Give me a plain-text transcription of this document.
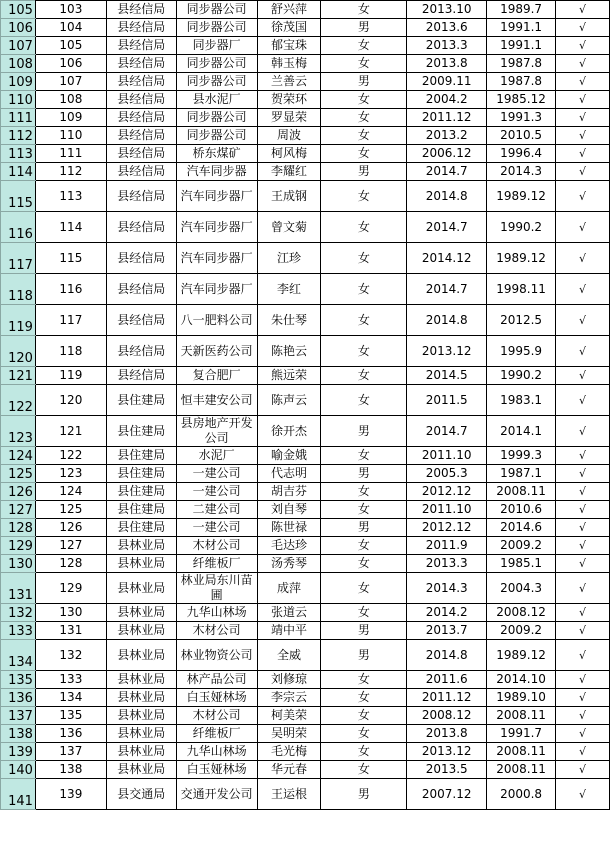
105	103	县经信局	同步器公司	舒兴萍	女	2013.10	1989.7	√
106	104	县经信局	同步器公司	徐茂国	男	2013.6	1991.1	√
107	105	县经信局	同步器厂	郁宝珠	女	2013.3	1991.1	√
108	106	县经信局	同步器公司	韩玉梅	女	2013.8	1987.8	√
109	107	县经信局	同步器公司	兰善云	男	2009.11	1987.8	√
110	108	县经信局	县水泥厂	贺荣环	女	2004.2	1985.12	√
111	109	县经信局	同步器公司	罗显荣	女	2011.12	1991.3	√
112	110	县经信局	同步器公司	周波	女	2013.2	2010.5	√
113	111	县经信局	桥东煤矿	柯风梅	女	2006.12	1996.4	√
114	112	县经信局	汽车同步器	李耀红	男	2014.7	2014.3	√
115	113	县经信局	汽车同步器厂	王成钢	女	2014.8	1989.12	√
116	114	县经信局	汽车同步器厂	曾文菊	女	2014.7	1990.2	√
117	115	县经信局	汽车同步器厂	江珍	女	2014.12	1989.12	√
118	116	县经信局	汽车同步器厂	李红	女	2014.7	1998.11	√
119	117	县经信局	八一肥料公司	朱仕琴	女	2014.8	2012.5	√
120	118	县经信局	天新医药公司	陈艳云	女	2013.12	1995.9	√
121	119	县经信局	复合肥厂	熊远荣	女	2014.5	1990.2	√
122	120	县住建局	恒丰建安公司	陈声云	女	2011.5	1983.1	√
123	121	县住建局	县房地产开发公司	徐开杰	男	2014.7	2014.1	√
124	122	县住建局	水泥厂	喻金娥	女	2011.10	1999.3	√
125	123	县住建局	一建公司	代志明	男	2005.3	1987.1	√
126	124	县住建局	一建公司	胡吉芬	女	2012.12	2008.11	√
127	125	县住建局	二建公司	刘自琴	女	2011.10	2010.6	√
128	126	县住建局	一建公司	陈世禄	男	2012.12	2014.6	√
129	127	县林业局	木材公司	毛达珍	女	2011.9	2009.2	√
130	128	县林业局	纤维板厂	汤秀琴	女	2013.3	1985.1	√
131	129	县林业局	林业局东川苗圃	成萍	女	2014.3	2004.3	√
132	130	县林业局	九华山林场	张道云	女	2014.2	2008.12	√
133	131	县林业局	木材公司	靖中平	男	2013.7	2009.2	√
134	132	县林业局	林业物资公司	全威	男	2014.8	1989.12	√
135	133	县林业局	林产品公司	刘修琼	女	2011.6	2014.10	√
136	134	县林业局	白玉娅林场	李宗云	女	2011.12	1989.10	√
137	135	县林业局	木材公司	柯美荣	女	2008.12	2008.11	√
138	136	县林业局	纤维板厂	吴明荣	女	2013.8	1991.7	√
139	137	县林业局	九华山林场	毛光梅	女	2013.12	2008.11	√
140	138	县林业局	白玉娅林场	华元春	女	2013.5	2008.11	√
141	139	县交通局	交通开发公司	王运根	男	2007.12	2000.8	√
